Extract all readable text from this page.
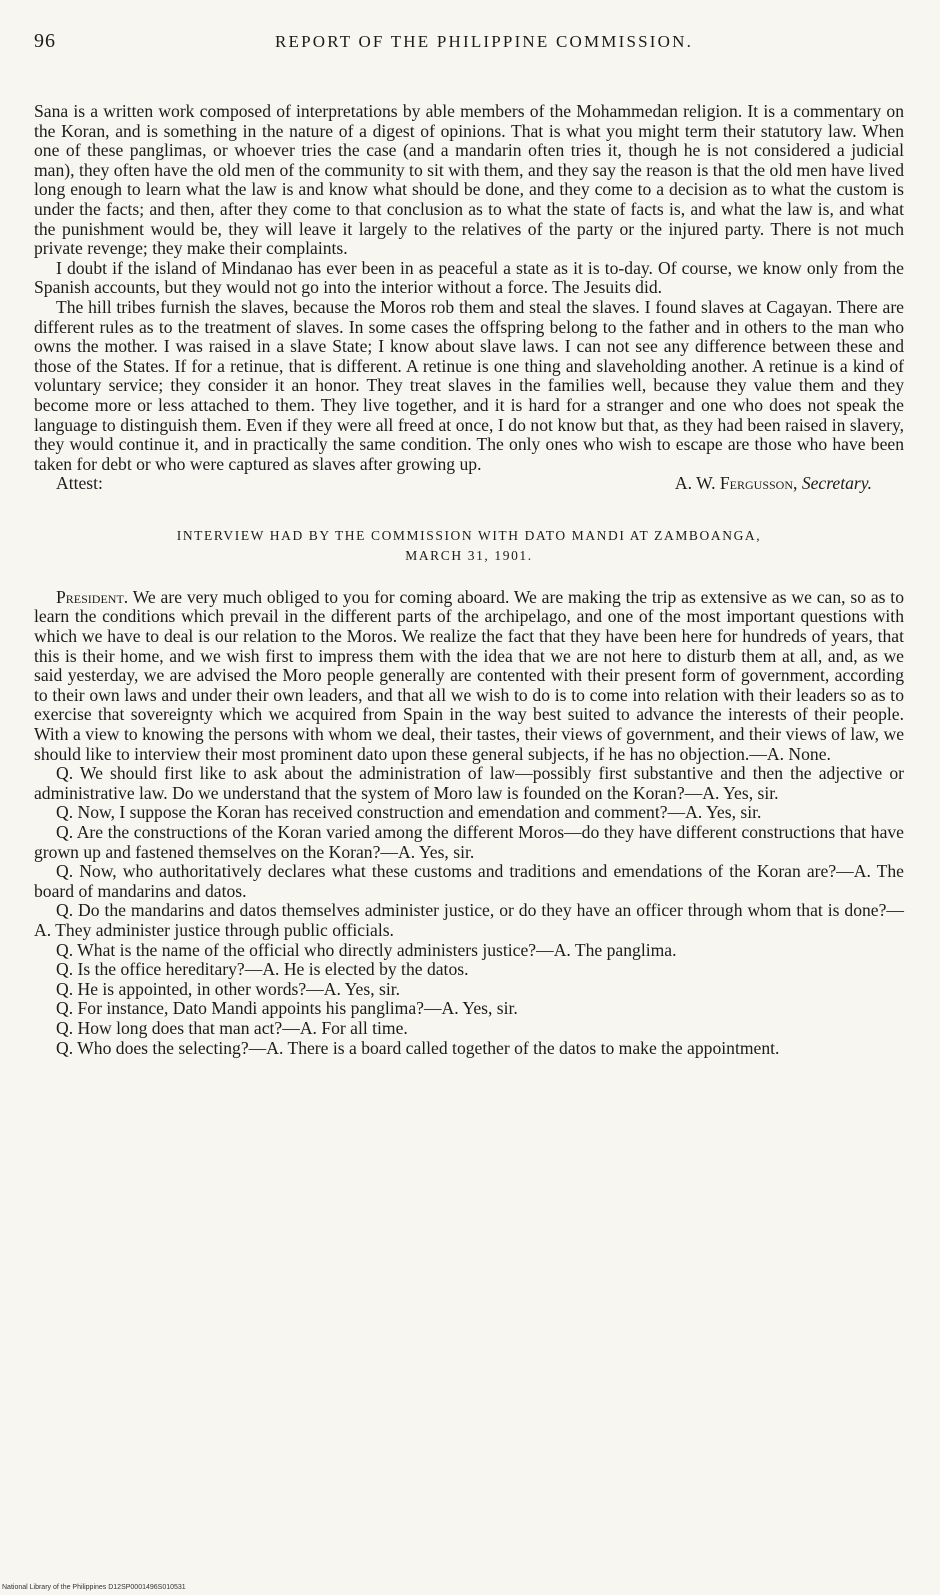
96	REPORT OF THE PHILIPPINE COMMISSION.

Sana is a written work composed of interpretations by able members of the Mohammedan religion. It is a commentary on the Koran, and is something in the nature of a digest of opinions. That is what you might term their statutory law. When one of these panglimas, or whoever tries the case (and a mandarin often tries it, though he is not considered a judicial man), they often have the old men of the community to sit with them, and they say the reason is that the old men have lived long enough to learn what the law is and know what should be done, and they come to a decision as to what the custom is under the facts; and then, after they come to that conclusion as to what the state of facts is, and what the law is, and what the punishment would be, they will leave it largely to the relatives of the party or the injured party. There is not much private revenge; they make their complaints.

I doubt if the island of Mindanao has ever been in as peaceful a state as it is to-day. Of course, we know only from the Spanish accounts, but they would not go into the interior without a force. The Jesuits did.

The hill tribes furnish the slaves, because the Moros rob them and steal the slaves. I found slaves at Cagayan. There are different rules as to the treatment of slaves. In some cases the offspring belong to the father and in others to the man who owns the mother. I was raised in a slave State; I know about slave laws. I can not see any difference between these and those of the States. If for a retinue, that is different. A retinue is one thing and slaveholding another. A retinue is a kind of voluntary service; they consider it an honor. They treat slaves in the families well, because they value them and they become more or less attached to them. They live together, and it is hard for a stranger and one who does not speak the language to distinguish them. Even if they were all freed at once, I do not know but that, as they had been raised in slavery, they would continue it, and in practically the same condition. The only ones who wish to escape are those who have been taken for debt or who were captured as slaves after growing up.

Attest:	A. W. Fergusson, Secretary.
INTERVIEW HAD BY THE COMMISSION WITH DATO MANDI AT ZAMBOANGA,
MARCH 31, 1901.

President. We are very much obliged to you for coming aboard. We are making the trip as extensive as we can, so as to learn the conditions which prevail in the different parts of the archipelago, and one of the most important questions with which we have to deal is our relation to the Moros. We realize the fact that they have been here for hundreds of years, that this is their home, and we wish first to impress them with the idea that we are not here to disturb them at all, and, as we said yesterday, we are advised the Moro people generally are contented with their present form of government, according to their own laws and under their own leaders, and that all we wish to do is to come into relation with their leaders so as to exercise that sovereignty which we acquired from Spain in the way best suited to advance the interests of their people. With a view to knowing the persons with whom we deal, their tastes, their views of government, and their views of law, we should like to interview their most prominent dato upon these general subjects, if he has no objection.—A. None.

Q. We should first like to ask about the administration of law—possibly first substantive and then the adjective or administrative law. Do we understand that the system of Moro law is founded on the Koran?—A. Yes, sir.

Q. Now, I suppose the Koran has received construction and emendation and comment?—A. Yes, sir.

Q. Are the constructions of the Koran varied among the different Moros—do they have different constructions that have grown up and fastened themselves on the Koran?—A. Yes, sir.

Q. Now, who authoritatively declares what these customs and traditions and emendations of the Koran are?—A. The board of mandarins and datos.

Q. Do the mandarins and datos themselves administer justice, or do they have an officer through whom that is done?—A. They administer justice through public officials.

Q. What is the name of the official who directly administers justice?—A. The panglima.

Q. Is the office hereditary?—A. He is elected by the datos.

Q. He is appointed, in other words?—A. Yes, sir.

Q. For instance, Dato Mandi appoints his panglima?—A. Yes, sir.

Q. How long does that man act?—A. For all time.

Q. Who does the selecting?—A. There is a board called together of the datos to make the appointment.

National Library of the Philippines D12SP0001496S010531
